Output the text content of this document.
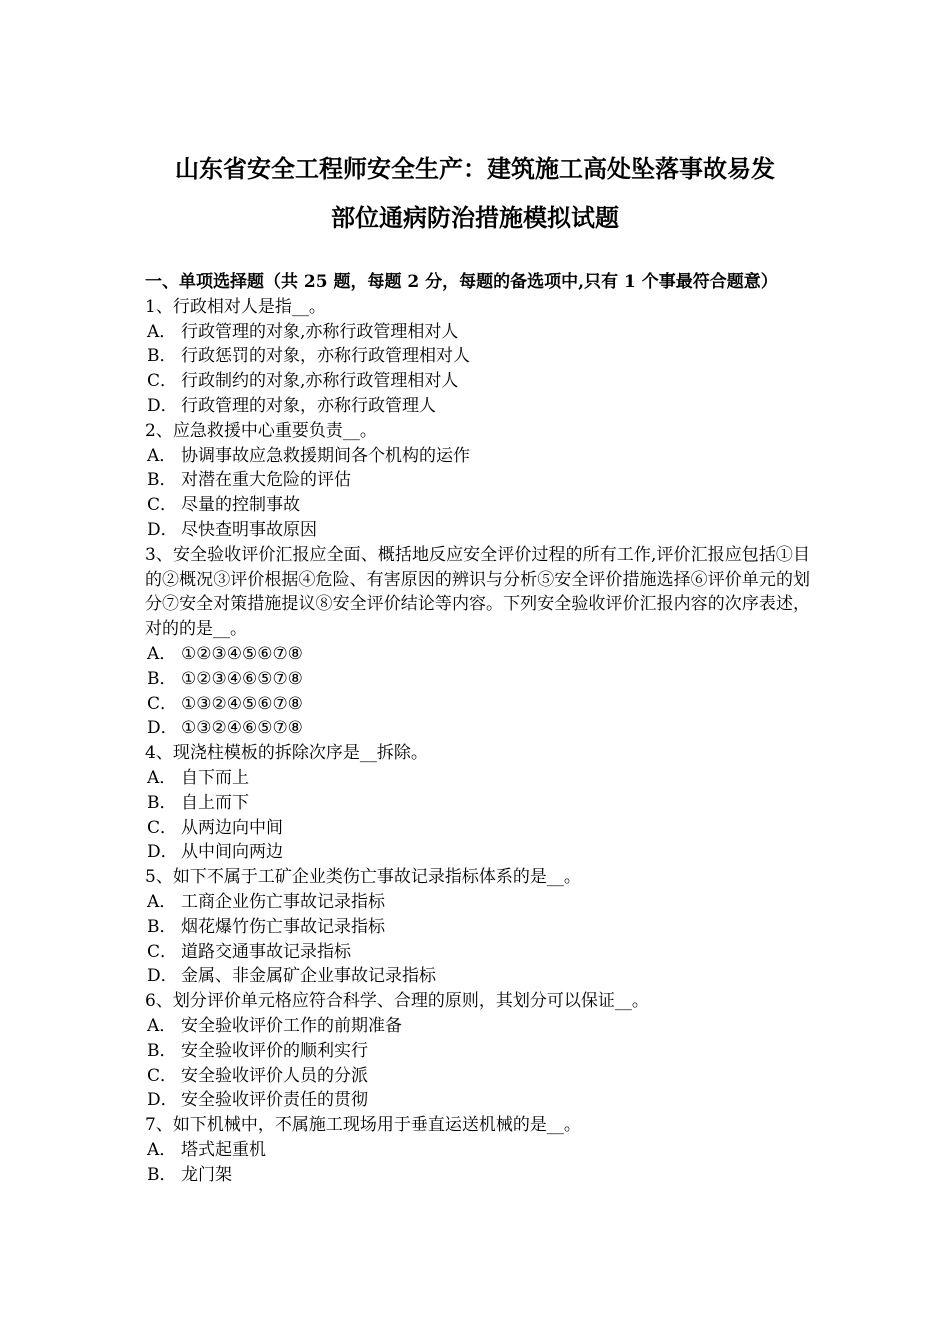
山东省安全工程师安全生产：建筑施工高处坠落事故易发
部位通病防治措施模拟试题
一、单项选择题（共 25 题，每题 2 分，每题的备选项中,只有 1 个事最符合题意）
1、行政相对人是指__。
A． 行政管理的对象,亦称行政管理相对人
B． 行政惩罚的对象，亦称行政管理相对人
C． 行政制约的对象,亦称行政管理相对人
D． 行政管理的对象，亦称行政管理人
2、应急救援中心重要负责__。
A． 协调事故应急救援期间各个机构的运作
B． 对潜在重大危险的评估
C． 尽量的控制事故
D． 尽快查明事故原因
3、安全验收评价汇报应全面、概括地反应安全评价过程的所有工作,评价汇报应包括①目的②概况③评价根据④危险、有害原因的辨识与分析⑤安全评价措施选择⑥评价单元的划分⑦安全对策措施提议⑧安全评价结论等内容。下列安全验收评价汇报内容的次序表述，对的的是__。
A． ①②③④⑤⑥⑦⑧
B． ①②③④⑥⑤⑦⑧
C． ①③②④⑤⑥⑦⑧
D． ①③②④⑥⑤⑦⑧
4、现浇柱模板的拆除次序是__拆除。
A． 自下而上
B． 自上而下
C． 从两边向中间
D． 从中间向两边
5、如下不属于工矿企业类伤亡事故记录指标体系的是__。
A． 工商企业伤亡事故记录指标
B． 烟花爆竹伤亡事故记录指标
C． 道路交通事故记录指标
D． 金属、非金属矿企业事故记录指标
6、划分评价单元格应符合科学、合理的原则，其划分可以保证__。
A． 安全验收评价工作的前期准备
B． 安全验收评价的顺利实行
C． 安全验收评价人员的分派
D． 安全验收评价责任的贯彻
7、如下机械中，不属施工现场用于垂直运送机械的是__。
A． 塔式起重机
B． 龙门架
